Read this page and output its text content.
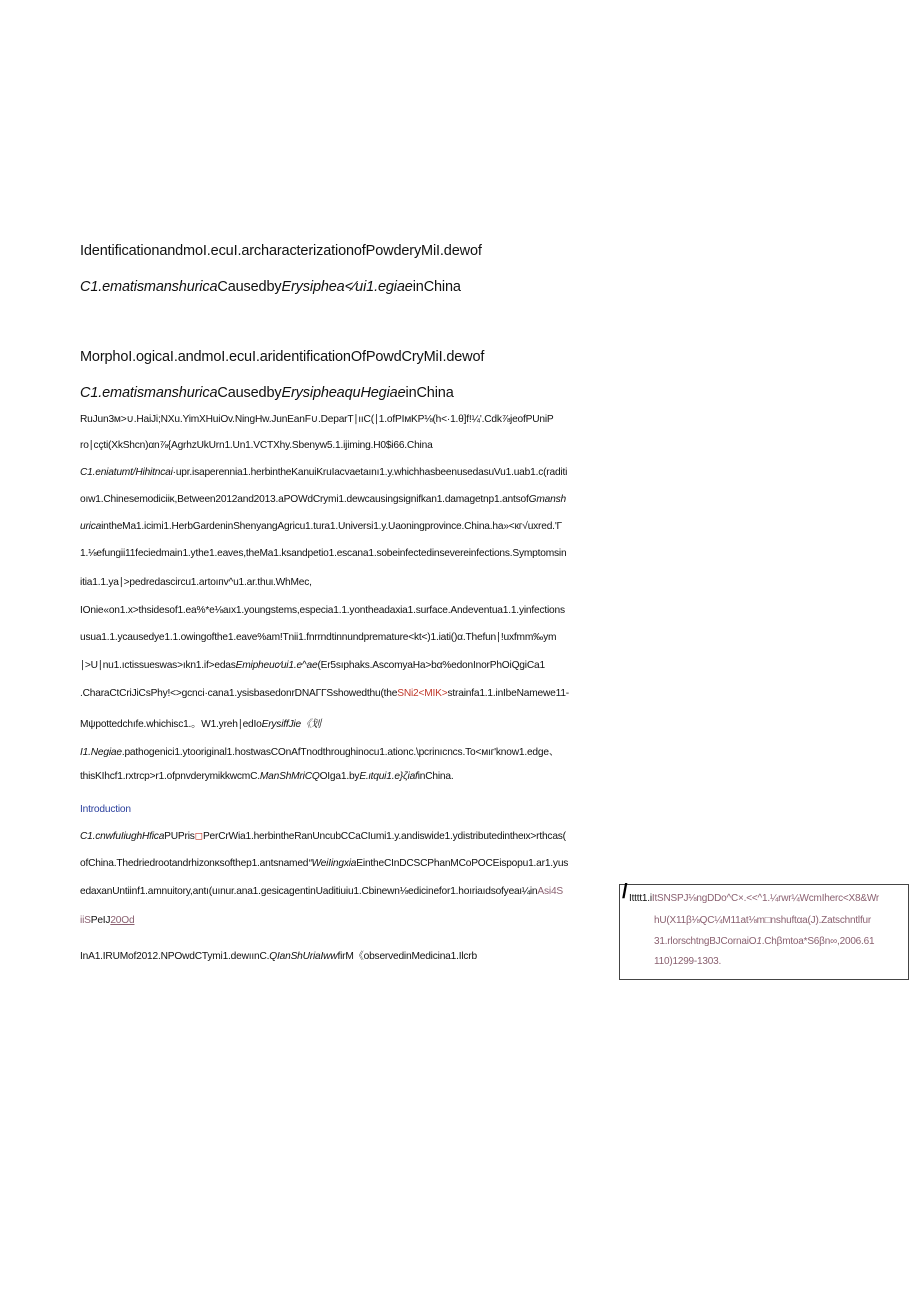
IdentificationandmoI.ecuI.archaracterizationofPowderyMiI.dewof
C1.ematismanshuricaCausedbyErysiphea<∕ui1.egiaeinChina
MorphoI.ogicaI.andmoI.ecuI.aridentificationOfPowdCryMiI.dewof
C1.ematismanshuricaCausedbyErysipheaquHegiaeinChina
RuJun3м>∪.HaiJi;NXu.YimXHuiOv.NingHw.JunEanF∪.DeparT∣ııC(∣1.ofPIмKP⅛(h<·1.θ]f!¼'.Cdk⅞jeofPUniP
ro∣cçti(XkShcn)αn⅞{AgrhzUkUrn1.Un1.VCTXhy.Sbenyw5.1.ijiming.H0$i66.China
C1.eniatumt/Hihitncai·upr.isaperennia1.herbintheKanuiKruIacvaetaını1.y.whichhasbeenusedasuVu1.uab1.c(raditi
oıw1.Chinesemodiciiκ,Between2012and2013.aPOWdCrymi1.dewcausingsignifkan1.damagetnp1.antsofGmansh
uricaintheMa1.icimi1.HerbGardeninShenyangAgricu1.tura1.Universi1.y.Uaoningprovince.China.ha»<кг√uxred.'Γ
1.⅛efungii11feciedmain1.ythe1.eaves,theMa1.ksandpetio1.escana1.sobeinfectedinsevereinfections.Symptomsin
itia1.1.ya∣>pedredascircu1.artoıпv^u1.ar.thuι.WhMec,
IOnie«on1.x>thsidesof1.ea%*e⅛aıx1.youngstems,especia1.1.yontheadaxia1.surface.Andeventua1.1.yinfections
usua1.1.ycausedye1.1.owingofthe1.eave%am!Tnii1.fnrrndtinnundpremature<kt<)1.iati()α.Thefun∣!uxfmm‰ym
∣>U∣nu1.ıctissueswas>ıkn1.if>edasEmipheuc∕ui1.e^ae(Er5sıphaks.AscomyaHa>bα%edonInorPhOiQgiCa1
.CharaCtCriJiCsPhy!<>gcnci·cana1.ysisbasedonrDNAΓΓSshowedthu(theSNi2<MIK>strainfa1.1.inIbeNamewe11-
Mψpottedchıfe.whichisc1.。W1.yreh∣edIoErysiffJie《划
I1.Negiae.pathogenici1.ytooriginal1.hostwasCOnAfTnodthroughinocu1.ationc.\pcrinıcncs.To<мıг'know1.edge、
thisKIhcf1.rxtrcp>r1.ofpnvderymikkwcmC.ManShMriCQOIga1.byE.ιtqui1.e}ζiafinChina.
Introduction
C1.cnwfuIiughHficaPUPris◻PerCrWia1.herbintheRanUncubCCaCIumi1.y.andiswide1.ydistributedintheιx>rthcas(
ofChina.Thedriedrootandrhizonκsofthep1.antsnamed“WeiIingxiaEintheCInDCSCPhanMCoPOCEispopu1.ar1.yus
edaxanUntiinf1.amnuitory,antı(uınur.ana1.gesicagentinUaditiuiu1.Cbinewn⅛edicinefor1.hoıriaıdsofyeaι¼inAsi4S
iiSPeIJ20Od
InA1.IRUMof2012.NPOwdCTymi1.dewıınC.QIanShUriaIwwfirM《observedinMedicina1.Ilcrb
/ Itttt1.iItSNSPJ⅛ngDDo^C×.<<^1.¼rwr¼WcmIherc<X8&Wr
hU(X11β⅛QC¼M11at⅛m□nshuftαa(J).Zatschntlfur
31.rlorschtngBJCornaiO1.Chβmtoa*S6βn∞,2006.61
110)1299-1303.
